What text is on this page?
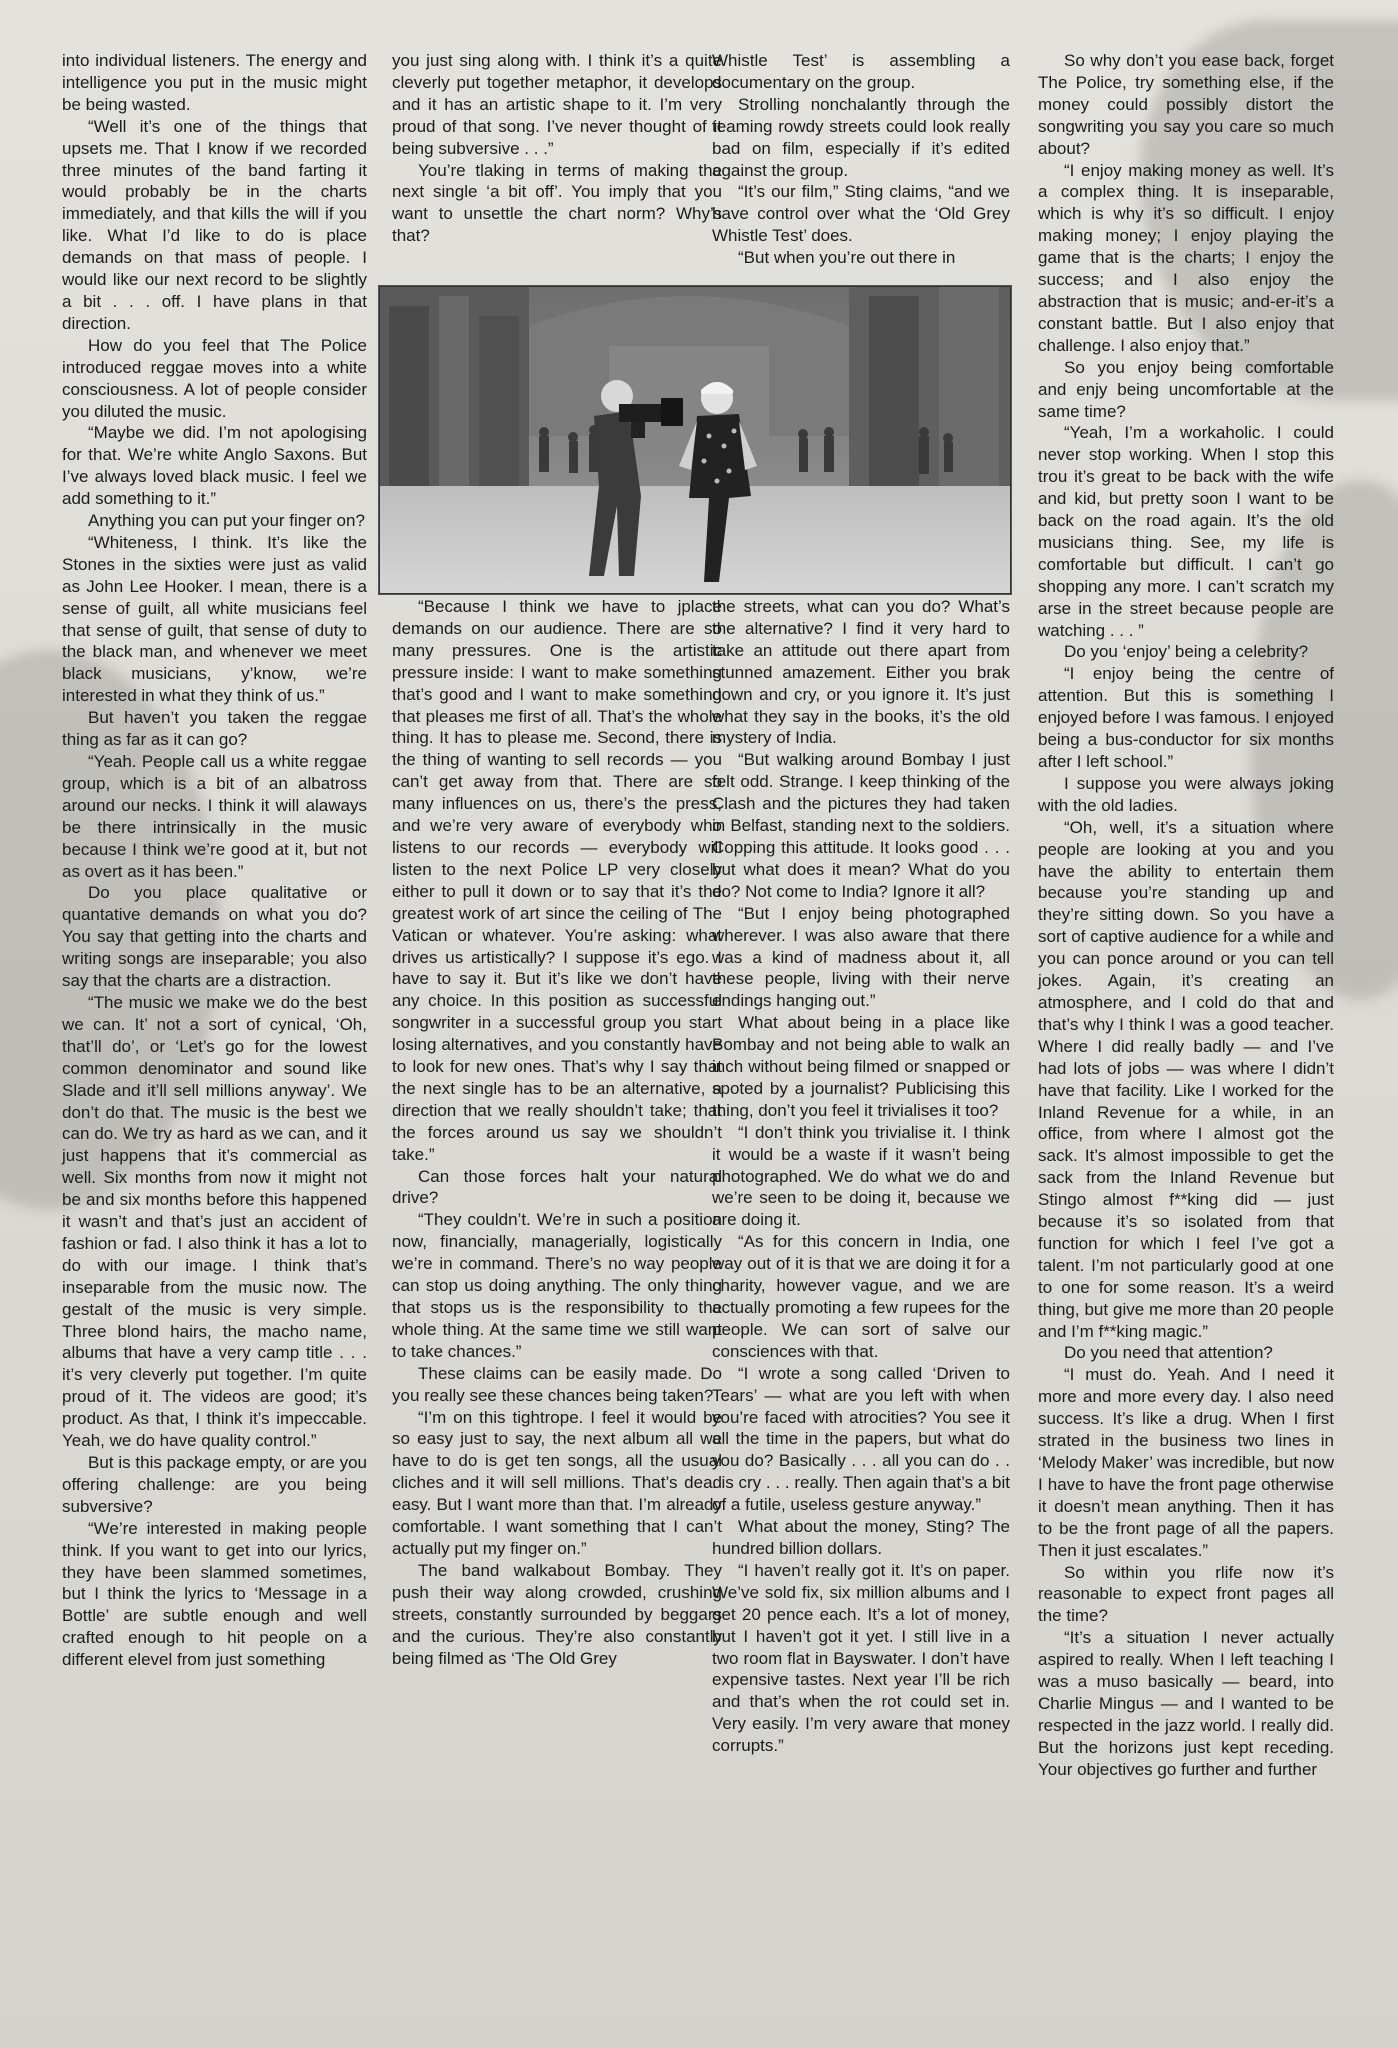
into individual listeners. The energy and intelligence you put in the music might be being wasted.

“Well it’s one of the things that upsets me. That I know if we recorded three minutes of the band farting it would probably be in the charts immediately, and that kills the will if you like. What I’d like to do is place demands on that mass of people. I would like our next record to be slightly a bit . . . off. I have plans in that direction.

How do you feel that The Police introduced reggae moves into a white consciousness. A lot of people consider you diluted the music.

“Maybe we did. I’m not apologising for that. We’re white Anglo Saxons. But I’ve always loved black music. I feel we add something to it.”

Anything you can put your finger on?

“Whiteness, I think. It’s like the Stones in the sixties were just as valid as John Lee Hooker. I mean, there is a sense of guilt, all white musicians feel that sense of guilt, that sense of duty to the black man, and whenever we meet black musicians, y’know, we’re interested in what they think of us.”

But haven’t you taken the reggae thing as far as it can go?

“Yeah. People call us a white reggae group, which is a bit of an albatross around our necks. I think it will alaways be there intrinsically in the music because I think we’re good at it, but not as overt as it has been.”

Do you place qualitative or quantative demands on what you do? You say that getting into the charts and writing songs are inseparable; you also say that the charts are a distraction.

“The music we make we do the best we can. It’ not a sort of cynical, ‘Oh, that’ll do’, or ‘Let’s go for the lowest common denominator and sound like Slade and it’ll sell millions anyway’. We don’t do that. The music is the best we can do. We try as hard as we can, and it just happens that it’s commercial as well. Six months from now it might not be and six months before this happened it wasn’t and that’s just an accident of fashion or fad. I also think it has a lot to do with our image. I think that’s inseparable from the music now. The gestalt of the music is very simple. Three blond hairs, the macho name, albums that have a very camp title . . . it’s very cleverly put together. I’m quite proud of it. The videos are good; it’s product. As that, I think it’s impeccable. Yeah, we do have quality control.”

But is this package empty, or are you offering challenge: are you being subversive?

“We’re interested in making people think. If you want to get into our lyrics, they have been slammed sometimes, but I think the lyrics to ‘Message in a Bottle’ are subtle enough and well crafted enough to hit people on a different elevel from just something

you just sing along with. I think it’s a quite cleverly put together metaphor, it develops and it has an artistic shape to it. I’m very proud of that song. I’ve never thought of it being subversive . . .”

You’re tlaking in terms of making the next single ‘a bit off’. You imply that you want to unsettle the chart norm? Why’s that?

Whistle Test’ is assembling a documentary on the group.

Strolling nonchalantly through the teaming rowdy streets could look really bad on film, especially if it’s edited against the group.

“It’s our film,” Sting claims, “and we have control over what the ‘Old Grey Whistle Test’ does.

“But when you’re out there in

“Because I think we have to jplace demands on our audience. There are so many pressures. One is the artistic pressure inside: I want to make something that’s good and I want to make something that pleases me first of all. That’s the whole thing. It has to please me. Second, there is the thing of wanting to sell records — you can’t get away from that. There are so many influences on us, there’s the press, and we’re very aware of everybody who listens to our records — everybody will listen to the next Police LP very closely either to pull it down or to say that it’s the greatest work of art since the ceiling of The Vatican or whatever. You’re asking: what drives us artistically? I suppose it’s ego. I have to say it. But it’s like we don’t have any choice. In this position as successful songwriter in a successful group you start losing alternatives, and you constantly have to look for new ones. That’s why I say that the next single has to be an alternative, a direction that we really shouldn’t take; that the forces around us say we shouldn’t take.”

Can those forces halt your natural drive?

“They couldn’t. We’re in such a position now, financially, managerially, logistically we’re in command. There’s no way people can stop us doing anything. The only thing that stops us is the responsibility to the whole thing. At the same time we still want to take chances.”

These claims can be easily made. Do you really see these chances being taken?

“I’m on this tightrope. I feel it would be so easy just to say, the next album all we have to do is get ten songs, all the usual cliches and it will sell millions. That’s dead easy. But I want more than that. I’m already comfortable. I want something that I can’t actually put my finger on.”

The band walkabout Bombay. They push their way along crowded, crushing streets, constantly surrounded by beggars and the curious. They’re also constantly being filmed as ‘The Old Grey

the streets, what can you do? What’s the alternative? I find it very hard to take an attitude out there apart from stunned amazement. Either you brak down and cry, or you ignore it. It’s just what they say in the books, it’s the old mystery of India.

“But walking around Bombay I just felt odd. Strange. I keep thinking of the Clash and the pictures they had taken in Belfast, standing next to the soldiers. Copping this attitude. It looks good . . . but what does it mean? What do you do? Not come to India? Ignore it all?

“But I enjoy being photographed wherever. I was also aware that there was a kind of madness about it, all these people, living with their nerve endings hanging out.”

What about being in a place like Bombay and not being able to walk an inch without being filmed or snapped or spoted by a journalist? Publicising this thing, don’t you feel it trivialises it too?

“I don’t think you trivialise it. I think it would be a waste if it wasn’t being photographed. We do what we do and we’re seen to be doing it, because we are doing it.

“As for this concern in India, one way out of it is that we are doing it for a charity, however vague, and we are actually promoting a few rupees for the people. We can sort of salve our consciences with that.

“I wrote a song called ‘Driven to Tears’ — what are you left with when you’re faced with atrocities? You see it all the time in the papers, but what do you do? Basically . . . all you can do . . . is cry . . . really. Then again that’s a bit of a futile, useless gesture anyway.”

What about the money, Sting? The hundred billion dollars.

“I haven’t really got it. It’s on paper. We’ve sold fix, six million albums and I get 20 pence each. It’s a lot of money, but I haven’t got it yet. I still live in a two room flat in Bayswater. I don’t have expensive tastes. Next year I’ll be rich and that’s when the rot could set in. Very easily. I’m very aware that money corrupts.”

So why don’t you ease back, forget The Police, try something else, if the money could possibly distort the songwriting you say you care so much about?

“I enjoy making money as well. It’s a complex thing. It is inseparable, which is why it’s so difficult. I enjoy making money; I enjoy playing the game that is the charts; I enjoy the success; and I also enjoy the abstraction that is music; and-er-it’s a constant battle. But I also enjoy that challenge. I also enjoy that.”

So you enjoy being comfortable and enjy being uncomfortable at the same time?

“Yeah, I’m a workaholic. I could never stop working. When I stop this trou it’s great to be back with the wife and kid, but pretty soon I want to be back on the road again. It’s the old musicians thing. See, my life is comfortable but difficult. I can’t go shopping any more. I can’t scratch my arse in the street because people are watching . . . ”

Do you ‘enjoy’ being a celebrity?

“I enjoy being the centre of attention. But this is something I enjoyed before I was famous. I enjoyed being a bus-conductor for six months after I left school.”

I suppose you were always joking with the old ladies.

“Oh, well, it’s a situation where people are looking at you and you have the ability to entertain them because you’re standing up and they’re sitting down. So you have a sort of captive audience for a while and you can ponce around or you can tell jokes. Again, it’s creating an atmosphere, and I cold do that and that’s why I think I was a good teacher. Where I did really badly — and I’ve had lots of jobs — was where I didn’t have that facility. Like I worked for the Inland Revenue for a while, in an office, from where I almost got the sack. It’s almost impossible to get the sack from the Inland Revenue but Stingo almost f**king did — just because it’s so isolated from that function for which I feel I’ve got a talent. I’m not particularly good at one to one for some reason. It’s a weird thing, but give me more than 20 people and I’m f**king magic.”

Do you need that attention?

“I must do. Yeah. And I need it more and more every day. I also need success. It’s like a drug. When I first strated in the business two lines in ‘Melody Maker’ was incredible, but now I have to have the front page otherwise it doesn’t mean anything. Then it has to be the front page of all the papers. Then it just escalates.”

So within you rlife now it’s reasonable to expect front pages all the time?

“It’s a situation I never actually aspired to really. When I left teaching I was a muso basically — beard, into Charlie Mingus — and I wanted to be respected in the jazz world. I really did. But the horizons just kept receding. Your objectives go further and further
